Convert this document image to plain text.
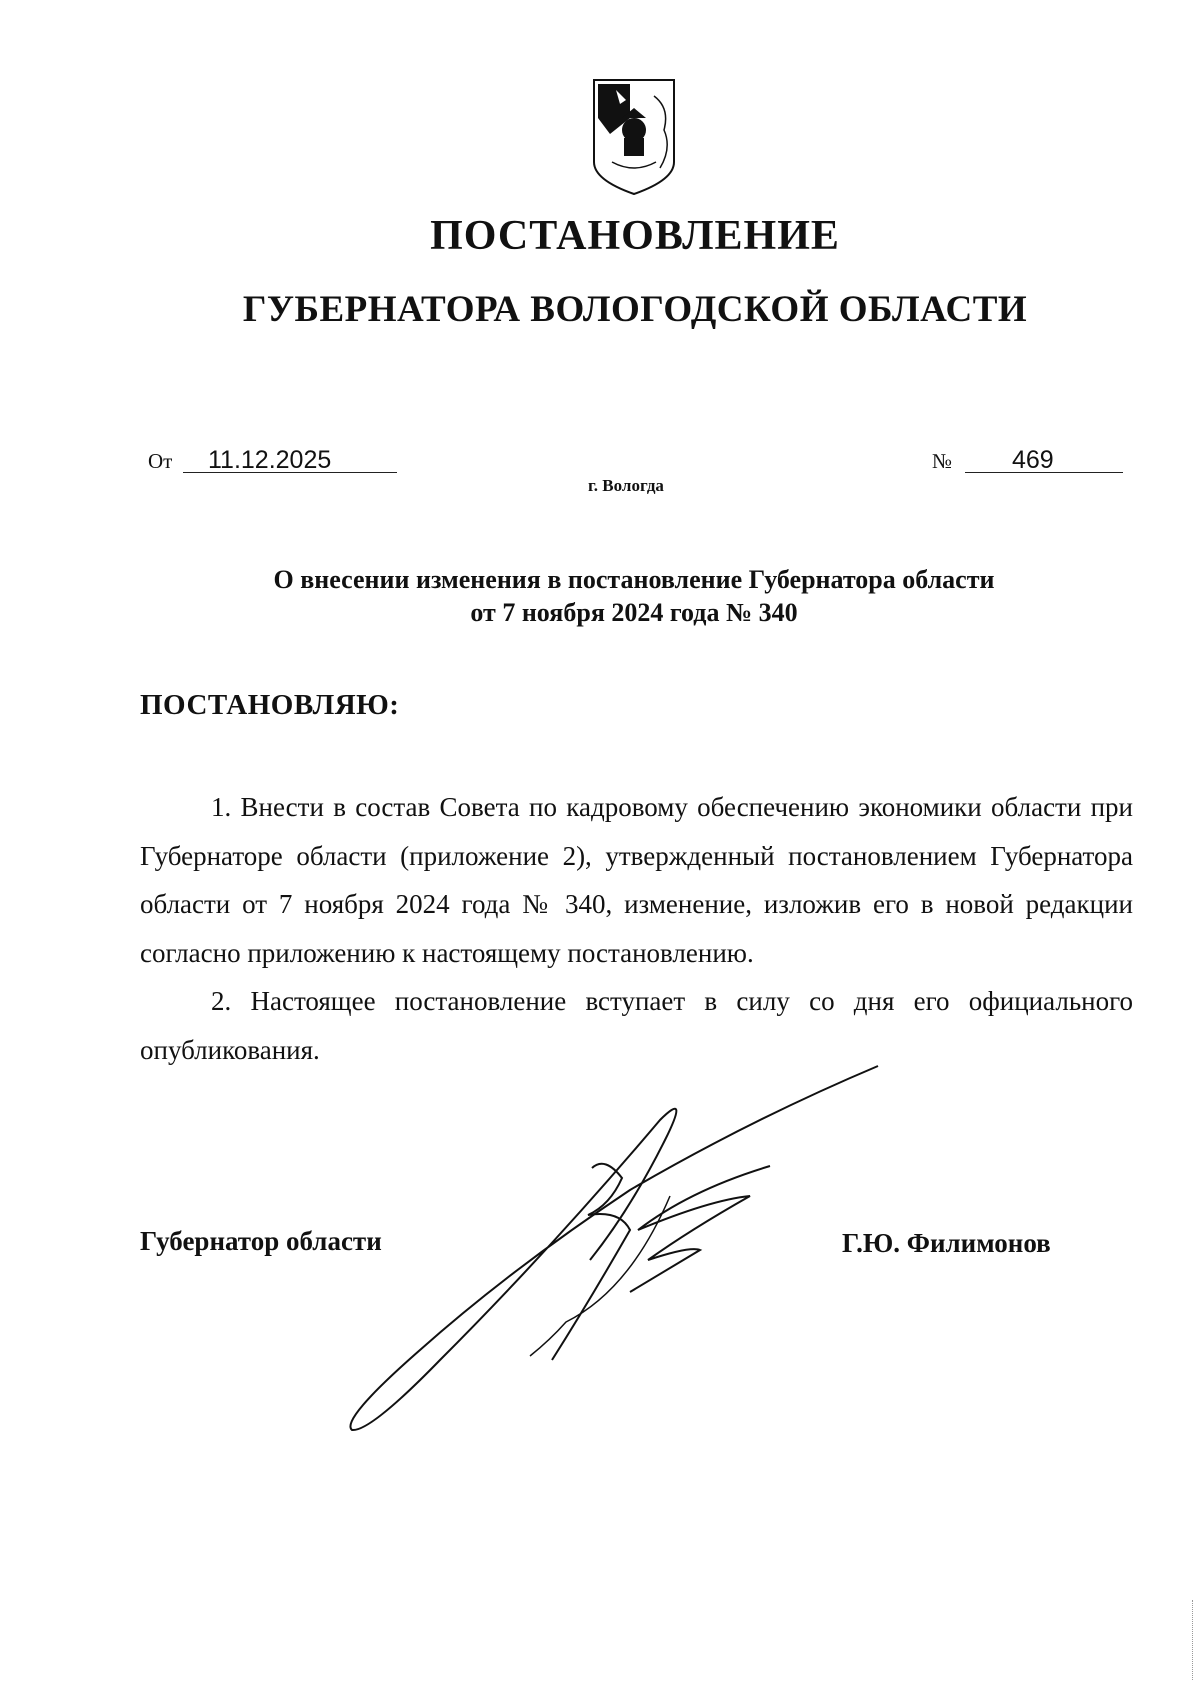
ПОСТАНОВЛЕНИЕ
ГУБЕРНАТОРА ВОЛОГОДСКОЙ ОБЛАСТИ
От 11.12.2025	№ 469
г. Вологда
О внесении изменения в постановление Губернатора области
от 7 ноября 2024 года № 340
ПОСТАНОВЛЯЮ:

1. Внести в состав Совета по кадровому обеспечению экономики области при Губернаторе области (приложение 2), утвержденный постановлением Губернатора области от 7 ноября 2024 года № 340, изменение, изложив его в новой редакции согласно приложению к настоящему постановлению.

2. Настоящее постановление вступает в силу со дня его официального опубликования.

Губернатор области	Г.Ю. Филимонов
